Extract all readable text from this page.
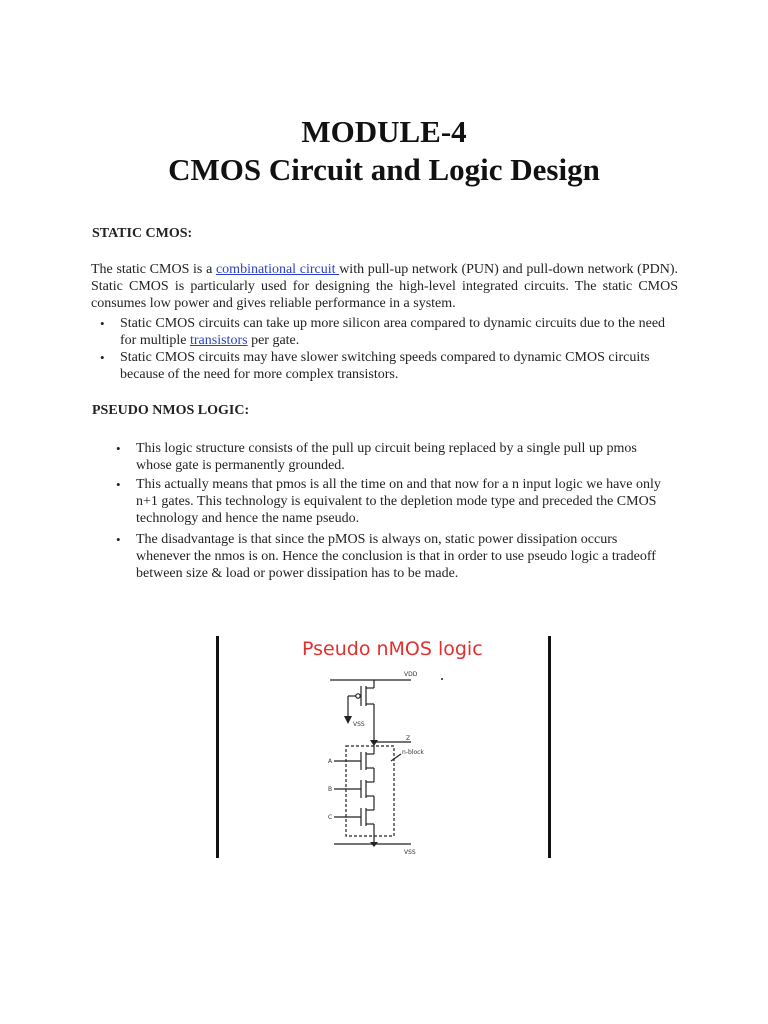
MODULE-4
CMOS Circuit and Logic Design
STATIC CMOS:
The static CMOS is a combinational circuit with pull-up network (PUN) and pull-down network (PDN). Static CMOS is particularly used for designing the high-level integrated circuits. The static CMOS consumes low power and gives reliable performance in a system.
• Static CMOS circuits can take up more silicon area compared to dynamic circuits due to the need for multiple transistors per gate.
• Static CMOS circuits may have slower switching speeds compared to dynamic CMOS circuits because of the need for more complex transistors.
PSEUDO NMOS LOGIC:
• This logic structure consists of the pull up circuit being replaced by a single pull up pmos whose gate is permanently grounded.
• This actually means that pmos is all the time on and that now for a n input logic we have only n+1 gates. This technology is equivalent to the depletion mode type and preceded the CMOS technology and hence the name pseudo.
• The disadvantage is that since the pMOS is always on, static power dissipation occurs whenever the nmos is on. Hence the conclusion is that in order to use pseudo logic a tradeoff between size & load or power dissipation has to be made.
Pseudo nMOS logic
VDD
VSS
Z
n-block
A
B
C
VSS
